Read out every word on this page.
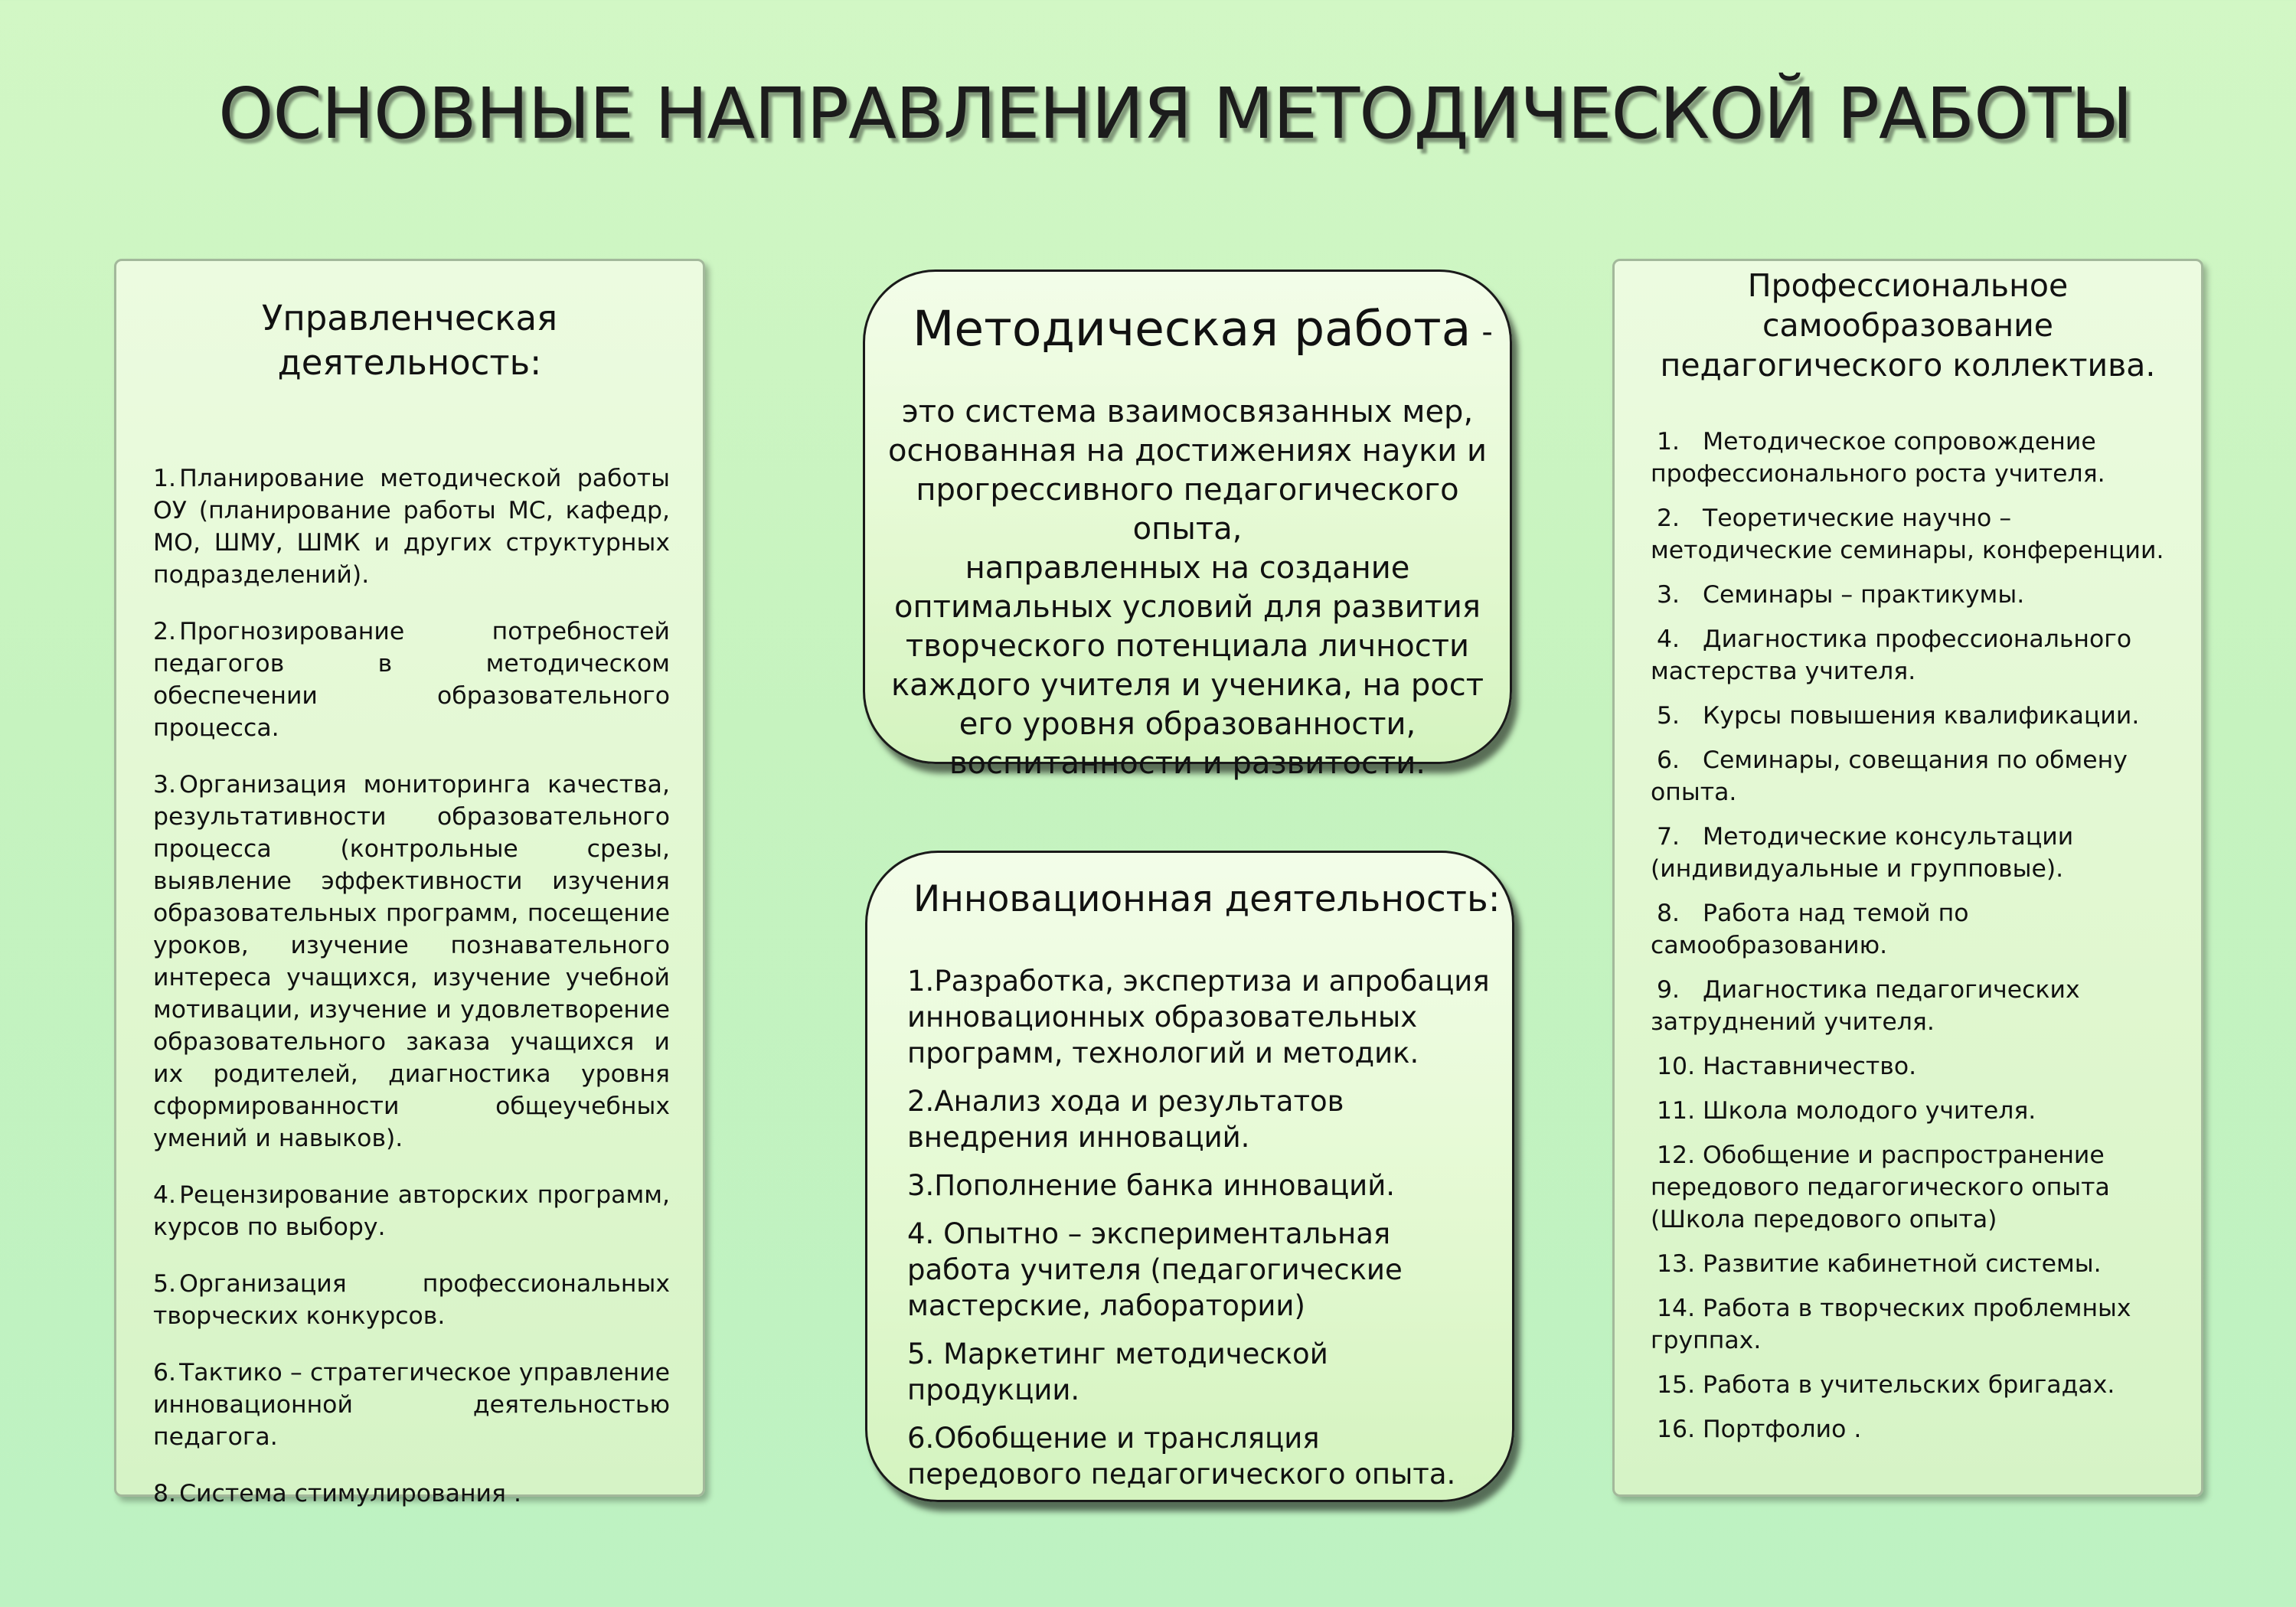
ОСНОВНЫЕ НАПРАВЛЕНИЯ МЕТОДИЧЕСКОЙ РАБОТЫ
Управленческая
деятельность:
1. Планирование методической работы ОУ (планирование работы МС, кафедр, МО, ШМУ, ШМК и других структурных подразделений).
2. Прогнозирование потребностей педагогов в методическом обеспечении образовательного процесса.
3. Организация мониторинга качества, результативности образовательного процесса (контрольные срезы, выявление эффективности изучения образовательных программ, посещение уроков, изучение познавательного интереса учащихся, изучение учебной мотивации, изучение и удовлетворение образовательного заказа учащихся и их родителей, диагностика уровня сформированности общеучебных умений и навыков).
4. Рецензирование авторских программ, курсов по выбору.
5. Организация профессиональных творческих конкурсов.
6. Тактико – стратегическое управление инновационной деятельностью педагога.
8. Система стимулирования .
Методическая работа -
это система взаимосвязанных мер,
основанная на достижениях науки и
прогрессивного педагогического опыта,
направленных на создание
оптимальных условий для развития
творческого потенциала личности
каждого учителя и ученика, на рост
его уровня образованности,
воспитанности и развитости.
Инновационная деятельность:
1.Разработка, экспертиза и апробация инновационных образовательных программ, технологий и методик.
2.Анализ хода и результатов внедрения инноваций.
3.Пополнение банка инноваций.
4. Опытно – экспериментальная работа учителя (педагогические мастерские, лаборатории)
5. Маркетинг методической продукции.
6.Обобщение и трансляция передового педагогического опыта.
Профессиональное
самообразование
педагогического коллектива.
1. Методическое сопровождение профессионального роста учителя.
2. Теоретические научно – методические семинары, конференции.
3. Семинары – практикумы.
4. Диагностика профессионального мастерства учителя.
5. Курсы повышения квалификации.
6. Семинары, совещания по обмену опыта.
7. Методические консультации (индивидуальные и групповые).
8. Работа над темой по самообразованию.
9. Диагностика педагогических затруднений учителя.
10. Наставничество.
11. Школа молодого учителя.
12. Обобщение и распространение передового педагогического опыта (Школа передового опыта)
13. Развитие кабинетной системы.
14. Работа в творческих проблемных группах.
15. Работа в учительских бригадах.
16. Портфолио .
